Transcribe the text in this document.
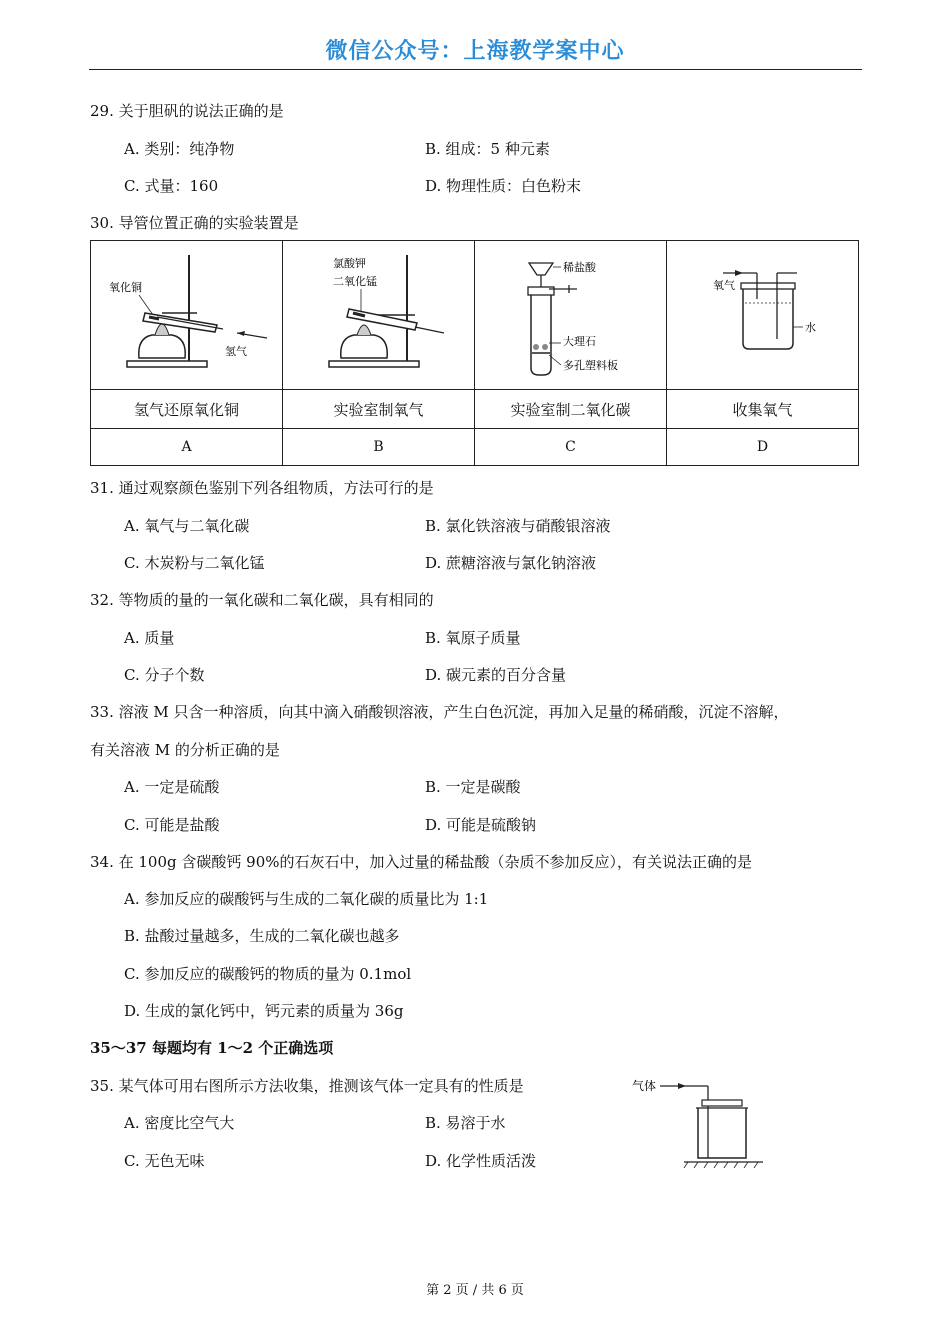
微信公众号：上海教学案中心
29. 关于胆矾的说法正确的是
A. 类别：纯净物	B. 组成：5 种元素
C. 式量：160	D. 物理性质：白色粉末
30. 导管位置正确的实验装置是
氧化铜
氢气	氯酸钾
二氧化锰	稀盐酸
大理石
多孔塑料板	氧气
水

氢气还原氧化铜	实验室制氧气	实验室制二氧化碳	收集氧气
A	B	C	D
31. 通过观察颜色鉴别下列各组物质，方法可行的是
A. 氧气与二氧化碳	B. 氯化铁溶液与硝酸银溶液
C. 木炭粉与二氧化锰	D. 蔗糖溶液与氯化钠溶液
32. 等物质的量的一氧化碳和二氧化碳，具有相同的
A. 质量	B. 氧原子质量
C. 分子个数	D. 碳元素的百分含量
33. 溶液 M 只含一种溶质，向其中滴入硝酸钡溶液，产生白色沉淀，再加入足量的稀硝酸，沉淀不溶解，
有关溶液 M 的分析正确的是
A. 一定是硫酸	B. 一定是碳酸
C. 可能是盐酸	D. 可能是硫酸钠
34. 在 100g 含碳酸钙 90%的石灰石中，加入过量的稀盐酸（杂质不参加反应），有关说法正确的是
A. 参加反应的碳酸钙与生成的二氧化碳的质量比为 1:1
B. 盐酸过量越多，生成的二氧化碳也越多
C. 参加反应的碳酸钙的物质的量为 0.1mol
D. 生成的氯化钙中，钙元素的质量为 36g
35～37 每题均有 1～2 个正确选项
35. 某气体可用右图所示方法收集，推测该气体一定具有的性质是
A. 密度比空气大	B. 易溶于水
C. 无色无味	D. 化学性质活泼
气体
第 2 页 / 共 6 页
